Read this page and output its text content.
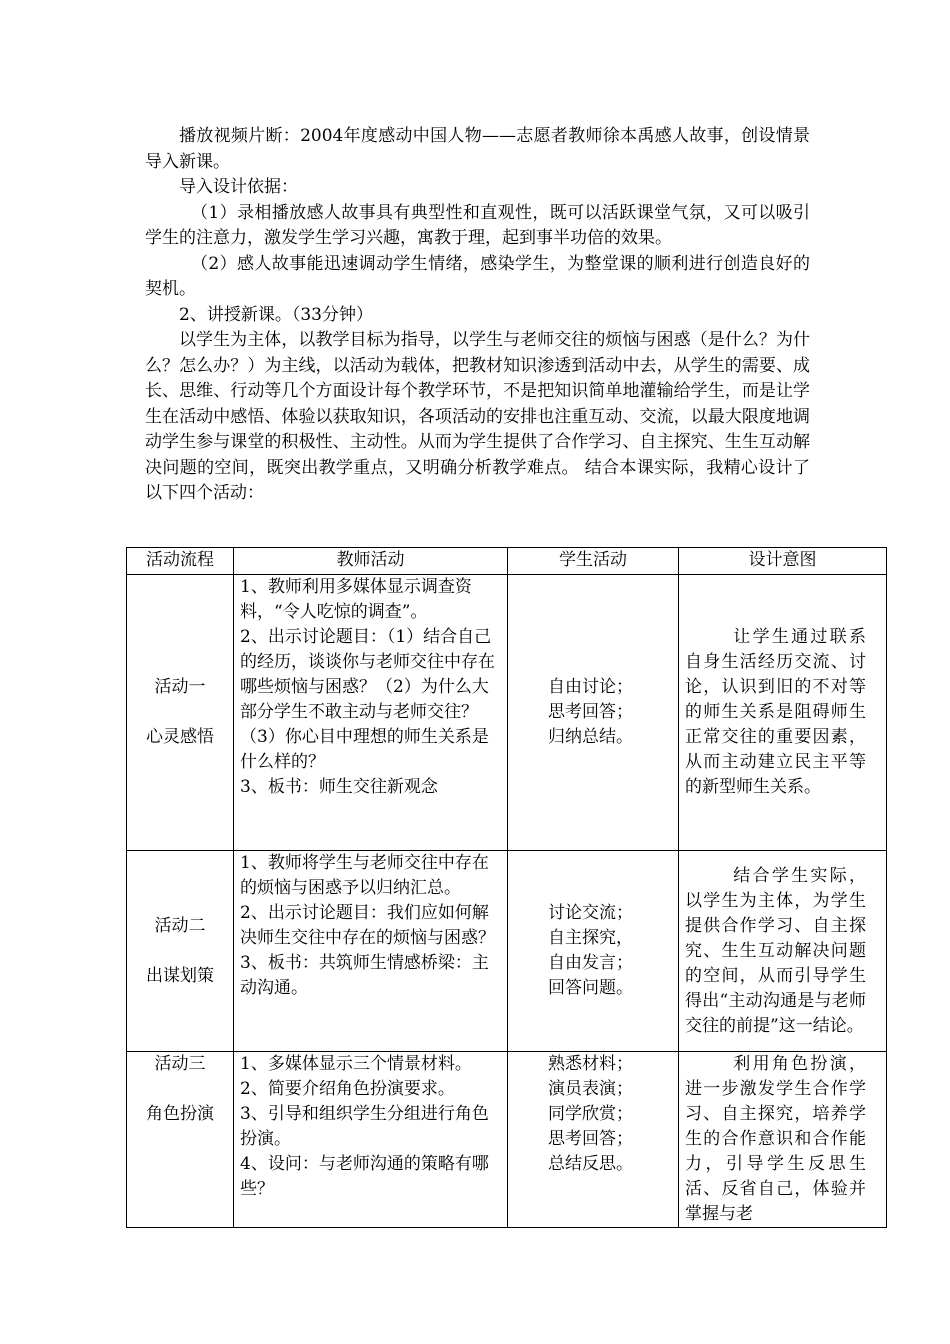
播放视频片断：2004年度感动中国人物——志愿者教师徐本禹感人故事，创设情景导入新课。

导入设计依据：

（1）录相播放感人故事具有典型性和直观性，既可以活跃课堂气氛，又可以吸引学生的注意力，激发学生学习兴趣，寓教于理，起到事半功倍的效果。

（2）感人故事能迅速调动学生情绪，感染学生，为整堂课的顺利进行创造良好的契机。

2、讲授新课。（33分钟）

以学生为主体，以教学目标为指导，以学生与老师交往的烦恼与困惑（是什么？为什么？怎么办？）为主线，以活动为载体，把教材知识渗透到活动中去，从学生的需要、成长、思维、行动等几个方面设计每个教学环节，不是把知识简单地灌输给学生，而是让学生在活动中感悟、体验以获取知识，各项活动的安排也注重互动、交流，以最大限度地调动学生参与课堂的积极性、主动性。从而为学生提供了合作学习、自主探究、生生互动解决问题的空间，既突出教学重点，又明确分析教学难点。 结合本课实际，我精心设计了以下四个活动：

活动流程	教师活动	学生活动	设计意图

活动一
心灵感悟	1、教师利用多媒体显示调查资料，“令人吃惊的调查”。
2、出示讨论题目：（1）结合自己的经历，谈谈你与老师交往中存在哪些烦恼与困惑？（2）为什么大部分学生不敢主动与老师交往？（3）你心目中理想的师生关系是什么样的？
3、板书：师生交往新观念	自由讨论；
思考回答；
归纳总结。	让学生通过联系自身生活经历交流、讨论，认识到旧的不对等的师生关系是阻碍师生正常交往的重要因素，从而主动建立民主平等的新型师生关系。

活动二
出谋划策	1、教师将学生与老师交往中存在的烦恼与困惑予以归纳汇总。
2、出示讨论题目：我们应如何解决师生交往中存在的烦恼与困惑？
3、板书：共筑师生情感桥梁：主动沟通。	讨论交流；
自主探究，
自由发言；
回答问题。	结合学生实际，以学生为主体，为学生提供合作学习、自主探究、生生互动解决问题的空间，从而引导学生得出“主动沟通是与老师交往的前提”这一结论。

活动三
角色扮演	1、多媒体显示三个情景材料。
2、简要介绍角色扮演要求。
3、引导和组织学生分组进行角色扮演。
4、设问：与老师沟通的策略有哪些？	熟悉材料；
演员表演；
同学欣赏；
思考回答；
总结反思。	利用角色扮演，进一步激发学生合作学习、自主探究，培养学生的合作意识和合作能力，引导学生反思生活、反省自己，体验并掌握与老
